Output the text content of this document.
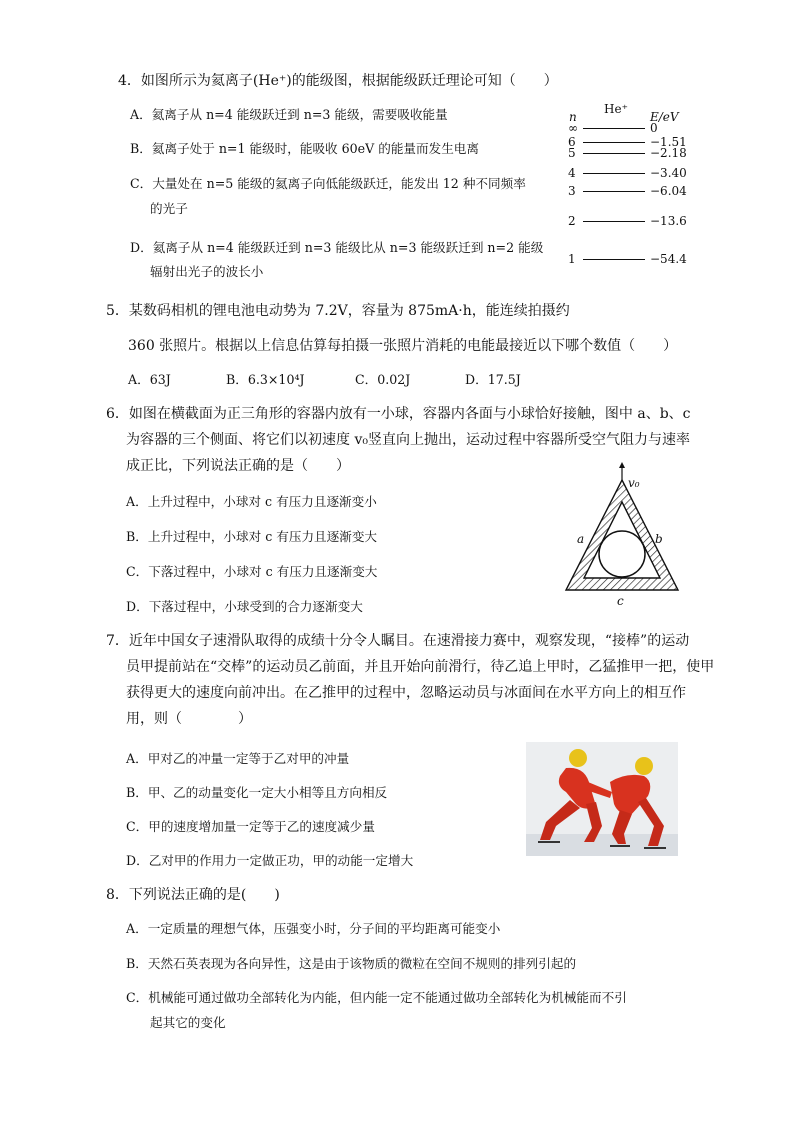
4．如图所示为氦离子(He⁺)的能级图，根据能级跃迁理论可知（　　）
A．氦离子从 n=4 能级跃迁到 n=3 能级，需要吸收能量
B．氦离子处于 n=1 能级时，能吸收 60eV 的能量而发生电离
C．大量处在 n=5 能级的氦离子向低能级跃迁，能发出 12 种不同频率
的光子
D．氦离子从 n=4 能级跃迁到 n=3 能级比从 n=3 能级跃迁到 n=2 能级
辐射出光子的波长小
n
He⁺
E/eV
∞	0
6	−1.51
5	−2.18
4	−3.40
3	−6.04
2	−13.6
1	−54.4
5．某数码相机的锂电池电动势为 7.2V，容量为 875mA·h，能连续拍摄约
360 张照片。根据以上信息估算每拍摄一张照片消耗的电能最接近以下哪个数值（　　）
A．63J	B．6.3×10⁴J	C．0.02J	D．17.5J
6．如图在横截面为正三角形的容器内放有一小球，容器内各面与小球恰好接触，图中 a、b、c
为容器的三个侧面、将它们以初速度 v₀竖直向上抛出，运动过程中容器所受空气阻力与速率
成正比，下列说法正确的是（　　）
A．上升过程中，小球对 c 有压力且逐渐变小
B．上升过程中，小球对 c 有压力且逐渐变大
C．下落过程中，小球对 c 有压力且逐渐变大
D．下落过程中，小球受到的合力逐渐变大
v₀
a	b
c
7．近年中国女子速滑队取得的成绩十分令人瞩目。在速滑接力赛中，观察发现，“接棒”的运动
员甲提前站在“交棒”的运动员乙前面，并且开始向前滑行，待乙追上甲时，乙猛推甲一把，使甲
获得更大的速度向前冲出。在乙推甲的过程中，忽略运动员与冰面间在水平方向上的相互作
用，则（　　　　）
A．甲对乙的冲量一定等于乙对甲的冲量
B．甲、乙的动量变化一定大小相等且方向相反
C．甲的速度增加量一定等于乙的速度减少量
D．乙对甲的作用力一定做正功，甲的动能一定增大
8．下列说法正确的是(　　)
A．一定质量的理想气体，压强变小时，分子间的平均距离可能变小
B．天然石英表现为各向异性，这是由于该物质的微粒在空间不规则的排列引起的
C．机械能可通过做功全部转化为内能，但内能一定不能通过做功全部转化为机械能而不引
起其它的变化
